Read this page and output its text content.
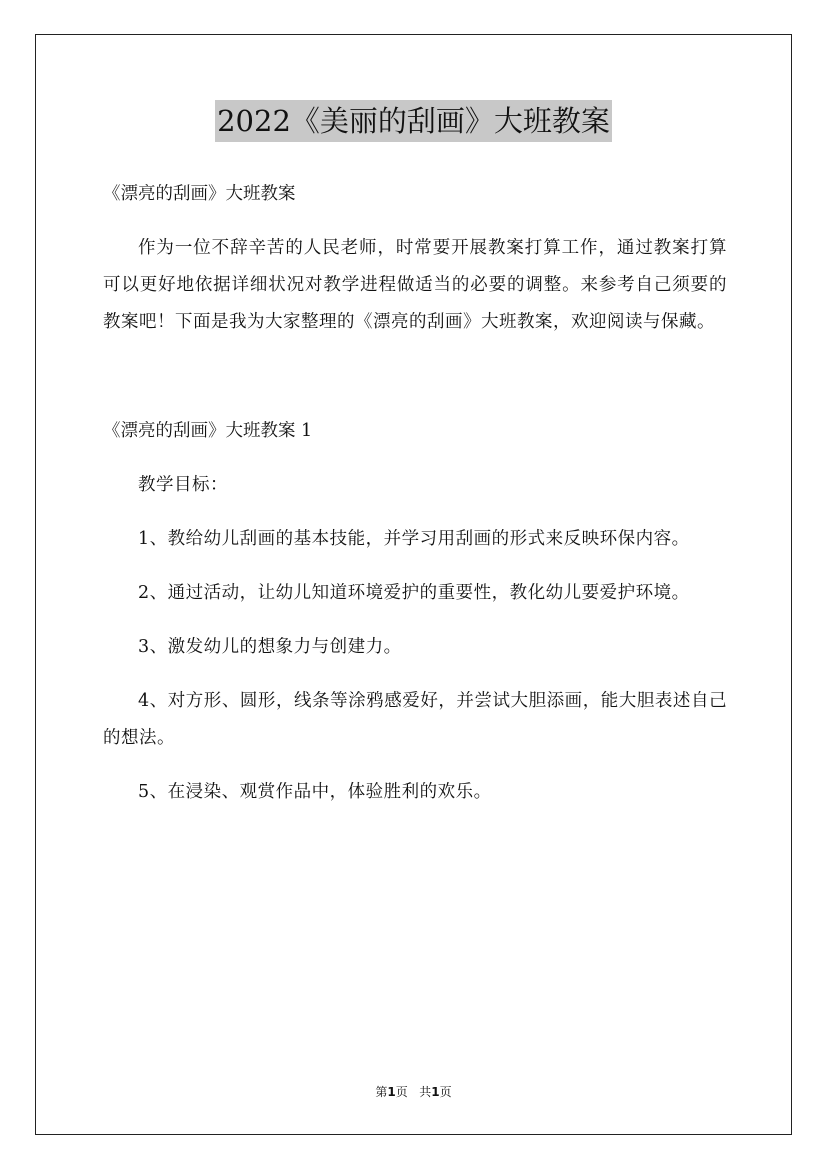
2022《美丽的刮画》大班教案

《漂亮的刮画》大班教案

作为一位不辞辛苦的人民老师，时常要开展教案打算工作，通过教案打算可以更好地依据详细状况对教学进程做适当的必要的调整。来参考自己须要的教案吧！下面是我为大家整理的《漂亮的刮画》大班教案，欢迎阅读与保藏。

《漂亮的刮画》大班教案 1

教学目标：

1、教给幼儿刮画的基本技能，并学习用刮画的形式来反映环保内容。

2、通过活动，让幼儿知道环境爱护的重要性，教化幼儿要爱护环境。

3、激发幼儿的想象力与创建力。

4、对方形、圆形，线条等涂鸦感爱好，并尝试大胆添画，能大胆表述自己的想法。

5、在浸染、观赏作品中，体验胜利的欢乐。

第1页 共1页
